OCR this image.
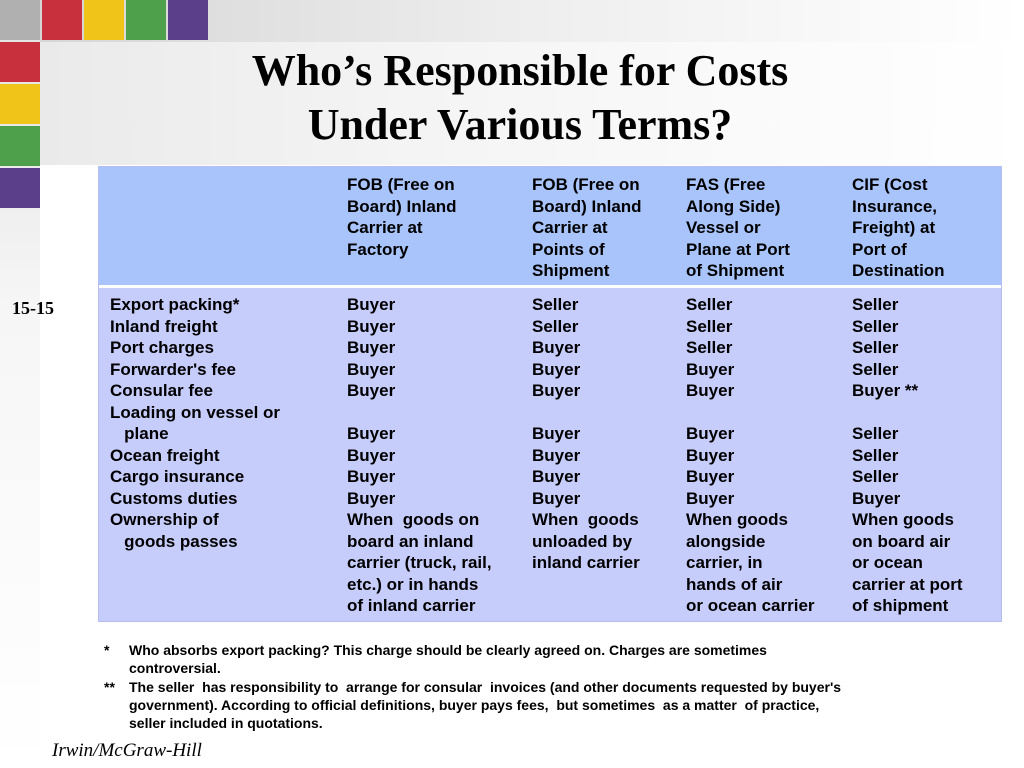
Who’s Responsible for Costs
Under Various Terms?
15-15
FOB (Free on
Board) Inland
Carrier at
Factory
FOB (Free on
Board) Inland
Carrier at
Points of
Shipment
FAS (Free
Along Side)
Vessel or
Plane at Port
of Shipment
CIF (Cost
Insurance,
Freight) at
Port of
Destination
Export packing*
Inland freight
Port charges
Forwarder's fee
Consular fee
Loading on vessel or
plane
Ocean freight
Cargo insurance
Customs duties
Ownership of
goods passes
Buyer
Buyer
Buyer
Buyer
Buyer

Buyer
Buyer
Buyer
Buyer
When  goods on
board an inland
carrier (truck, rail,
etc.) or in hands
of inland carrier
Seller
Seller
Buyer
Buyer
Buyer

Buyer
Buyer
Buyer
Buyer
When  goods
unloaded by
inland carrier
Seller
Seller
Seller
Buyer
Buyer

Buyer
Buyer
Buyer
Buyer
When goods
alongside
carrier, in
hands of air
or ocean carrier
Seller
Seller
Seller
Seller
Buyer **

Seller
Seller
Seller
Buyer
When goods
on board air
or ocean
carrier at port
of shipment
* Who absorbs export packing? This charge should be clearly agreed on. Charges are sometimes
controversial.
** The seller  has responsibility to  arrange for consular  invoices (and other documents requested by buyer's
government). According to official definitions, buyer pays fees,  but sometimes  as a matter  of practice,
seller included in quotations.
Irwin/McGraw-Hill
